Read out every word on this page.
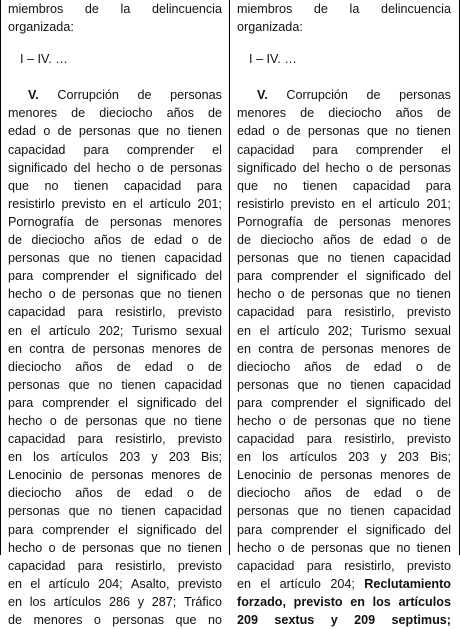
miembros de la delincuencia
organizada:
I – IV. …
V. Corrupción de personas
menores de dieciocho años de
edad o de personas que no tienen
capacidad para comprender el
significado del hecho o de personas
que no tienen capacidad para
resistirlo previsto en el artículo 201;
Pornografía de personas menores
de dieciocho años de edad o de
personas que no tienen capacidad
para comprender el significado del
hecho o de personas que no tienen
capacidad para resistirlo, previsto
en el artículo 202; Turismo sexual
en contra de personas menores de
dieciocho años de edad o de
personas que no tienen capacidad
para comprender el significado del
hecho o de personas que no tiene
capacidad para resistirlo, previsto
en los artículos 203 y 203 Bis;
Lenocinio de personas menores de
dieciocho años de edad o de
personas que no tienen capacidad
para comprender el significado del
hecho o de personas que no tienen
capacidad para resistirlo, previsto
en el artículo 204; Asalto, previsto
en los artículos 286 y 287; Tráfico
de menores o personas que no
miembros de la delincuencia
organizada:
I – IV. …
V. Corrupción de personas
menores de dieciocho años de
edad o de personas que no tienen
capacidad para comprender el
significado del hecho o de personas
que no tienen capacidad para
resistirlo previsto en el artículo 201;
Pornografía de personas menores
de dieciocho años de edad o de
personas que no tienen capacidad
para comprender el significado del
hecho o de personas que no tienen
capacidad para resistirlo, previsto
en el artículo 202; Turismo sexual
en contra de personas menores de
dieciocho años de edad o de
personas que no tienen capacidad
para comprender el significado del
hecho o de personas que no tiene
capacidad para resistirlo, previsto
en los artículos 203 y 203 Bis;
Lenocinio de personas menores de
dieciocho años de edad o de
personas que no tienen capacidad
para comprender el significado del
hecho o de personas que no tienen
capacidad para resistirlo, previsto
en el artículo 204; Reclutamiento
forzado, previsto en los artículos
209 sextus y 209 septimus;
